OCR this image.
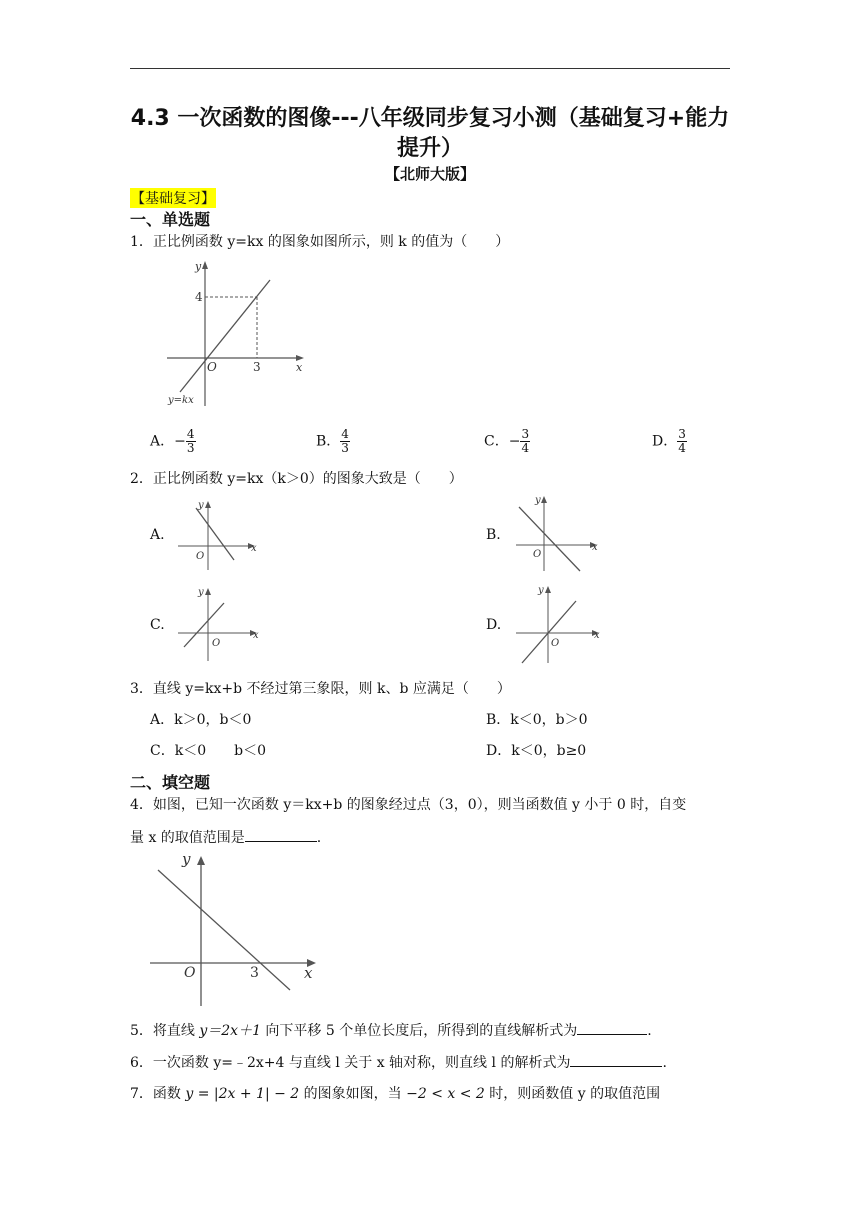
4.3 一次函数的图像---八年级同步复习小测（基础复习+能力
提升）
【北师大版】
【基础复习】
一、单选题
1．正比例函数 y=kx 的图象如图所示，则 k 的值为（　　）
y
x
O	3
4
y=kx
A．− $\frac{4}{3}$	B． $\frac{4}{3}$	C．− $\frac{3}{4}$	D． $\frac{3}{4}$
2．正比例函数 y=kx（k＞0）的图象大致是（　　）
A.
y
x
O
B.
y
x
O
C.
y
x
O
D.
y
x
O
3．直线 y=kx+b 不经过第三象限，则 k、b 应满足（　　）
A．k＞0，b＜0	B．k＜0，b＞0
C．k＜0　　b＜0	D．k＜0，b≥0
二、填空题
4．如图，已知一次函数 y＝kx+b 的图象经过点（3，0），则当函数值 y 小于 0 时，自变
量 x 的取值范围是	.
y
x
O	3
5．将直线 y＝2x＋1 向下平移 5 个单位长度后，所得到的直线解析式为	.
6．一次函数 y=﹣2x+4 与直线 l 关于 x 轴对称，则直线 l 的解析式为	.
7．函数 y = |2x + 1| − 2 的图象如图，当 −2 < x < 2 时，则函数值 y 的取值范围
